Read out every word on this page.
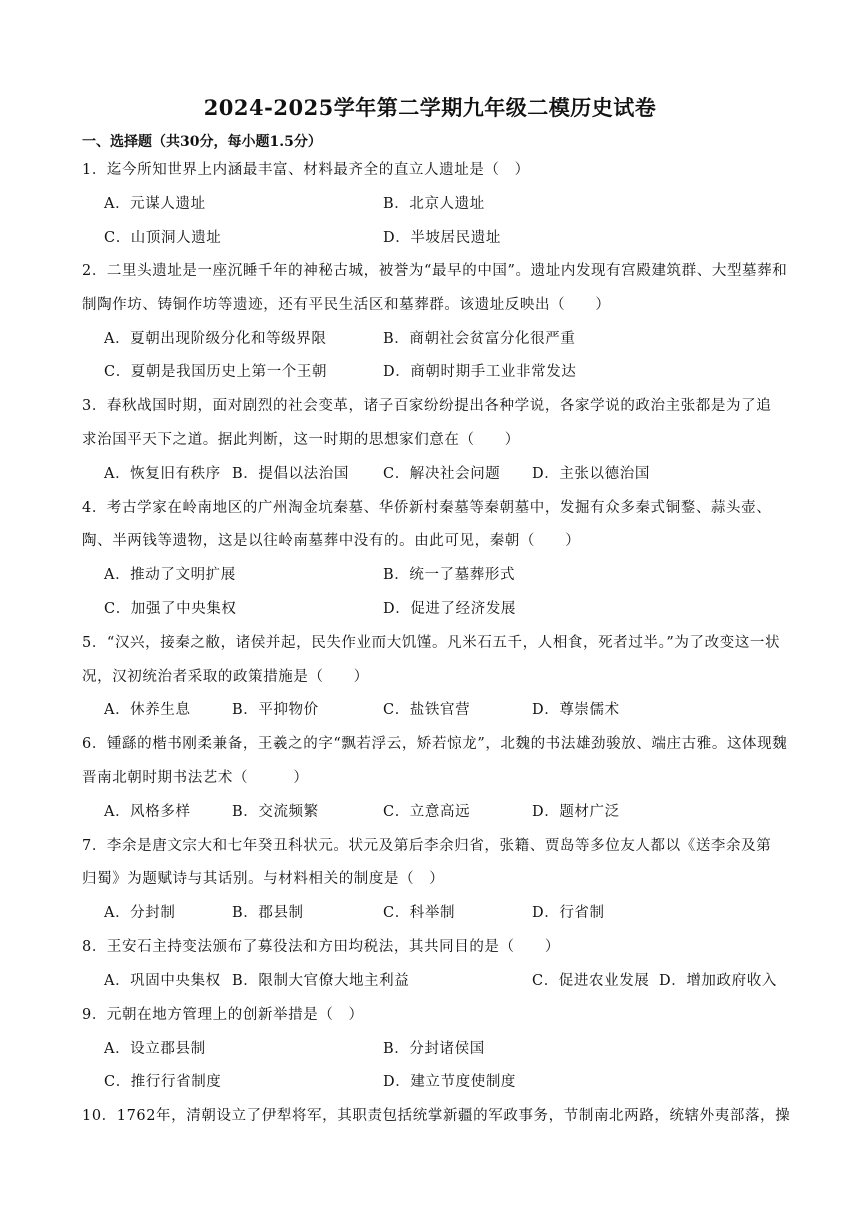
2024-2025学年第二学期九年级二模历史试卷
一、选择题（共30分，每小题1.5分）
1．迄今所知世界上内涵最丰富、材料最齐全的直立人遗址是（　）
A．元谋人遗址	B．北京人遗址
C．山顶洞人遗址	D．半坡居民遗址
2．二里头遗址是一座沉睡千年的神秘古城，被誉为“最早的中国”。遗址内发现有宫殿建筑群、大型墓葬和
制陶作坊、铸铜作坊等遗迹，还有平民生活区和墓葬群。该遗址反映出（　　）
A．夏朝出现阶级分化和等级界限	B．商朝社会贫富分化很严重
C．夏朝是我国历史上第一个王朝	D．商朝时期手工业非常发达
3．春秋战国时期，面对剧烈的社会变革，诸子百家纷纷提出各种学说，各家学说的政治主张都是为了追
求治国平天下之道。据此判断，这一时期的思想家们意在（　　）
A．恢复旧有秩序 B．提倡以法治国 C．解决社会问题 D．主张以德治国
4．考古学家在岭南地区的广州淘金坑秦墓、华侨新村秦墓等秦朝墓中，发掘有众多秦式铜鍪、蒜头壶、
陶、半两钱等遗物，这是以往岭南墓葬中没有的。由此可见，秦朝（　　）
A．推动了文明扩展	B．统一了墓葬形式
C．加强了中央集权	D．促进了经济发展
5．“汉兴，接秦之敝，诸侯并起，民失作业而大饥馑。凡米石五千，人相食，死者过半。”为了改变这一状
况，汉初统治者采取的政策措施是（　　）
A．休养生息	B．平抑物价	C．盐铁官营	D．尊崇儒术
6．锺繇的楷书刚柔兼备，王羲之的字“飘若浮云，矫若惊龙”，北魏的书法雄劲骏放、端庄古雅。这体现魏
晋南北朝时期书法艺术（　　　）
A．风格多样	B．交流频繁	C．立意高远	D．题材广泛
7．李余是唐文宗大和七年癸丑科状元。状元及第后李余归省，张籍、贾岛等多位友人都以《送李余及第
归蜀》为题赋诗与其话别。与材料相关的制度是（　）
A．分封制	B．郡县制	C．科举制	D．行省制
8．王安石主持变法颁布了募役法和方田均税法，其共同目的是（　　）
A．巩固中央集权 B．限制大官僚大地主利益	C．促进农业发展 D．增加政府收入
9．元朝在地方管理上的创新举措是（　）
A．设立郡县制	B．分封诸侯国
C．推行行省制度	D．建立节度使制度
10．1762年，清朝设立了伊犁将军，其职责包括统掌新疆的军政事务，节制南北两路，统辖外夷部落，操
